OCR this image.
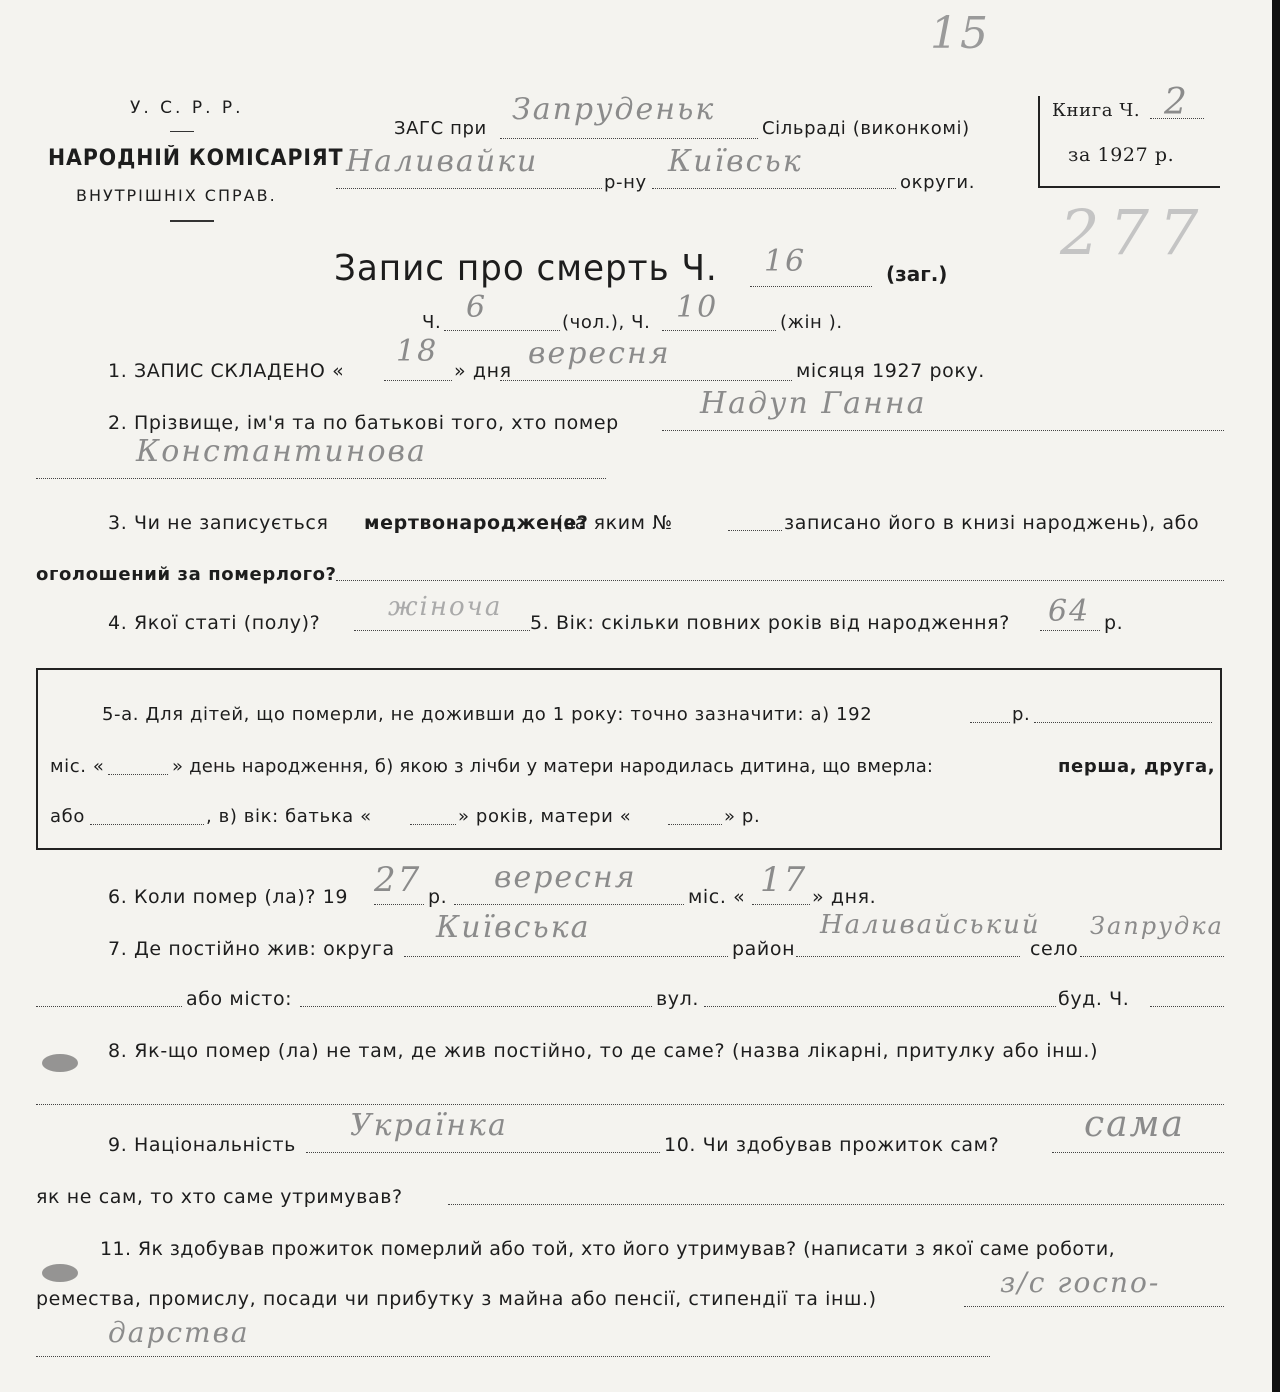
15
277
У. С. Р. Р.
НАРОДНІЙ КОМІСАРІЯТ
ВНУТРІШНІХ СПРАВ.
ЗАГС при
Запруденьк
Сільраді (виконкомі)
Наливайки
р-ну
Київськ
округи.
Книга Ч. 2
за 1927 р.
Запис про смерть Ч. 16	(заг.)
Ч. 6	(чол.), Ч. 10	(жін ).
1. ЗАПИС СКЛАДЕНО «
18
» дня вересня	місяця 1927 року.
2. Прізвище, ім'я та по батькові того, хто помер
Надуп Ганна
Константинова
3. Чи не записується мертвонароджене?
(за яким №	записано його в книзі народжень), або
оголошений за померлого?
4. Якої статі (полу)?
жіноча
5. Вік: скільки повних років від народження? 64 р.
5-а. Для дітей, що померли, не доживши до 1 року: точно зазначити: а) 192	р.
міс. «	» день народження, б) якою з лічби у матери народилась дитина, що вмерла:	перша, друга,
або	, в) вік: батька «	» років, матери «	» р.
6. Коли помер (ла)? 19 27 р.
вересня
міс. « 17 » дня.
7. Де постійно жив: округа
Київська
район
Наливайський
село
Запрудка
або місто:	вул.	буд. Ч.
8. Як-що помер (ла) не там, де жив постійно, то де саме? (назва лікарні, притулку або інш.)
9. Національність
Українка
10. Чи здобував прожиток сам? сама
як не сам, то хто саме утримував?
11. Як здобував прожиток померлий або той, хто його утримував? (написати з якої саме роботи,
ремества, промислу, посади чи прибутку з майна або пенсії, стипендії та інш.)	з/с госпо-
дарства
